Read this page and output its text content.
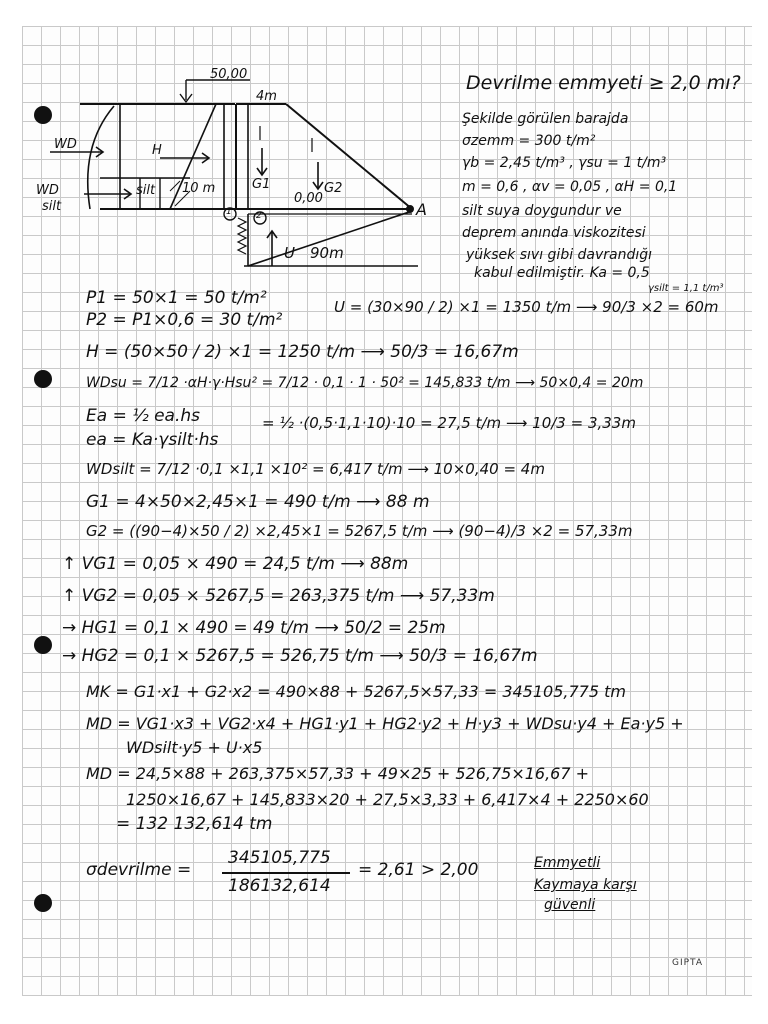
50,00
4m
WD	H
WD
silt
silt 10 m	G1	G2
0,00
A
1	2
U 90m
Devrilme emmyeti ≥ 2,0 mı?
Şekilde görülen barajda
σzemm = 300 t/m²
γb = 2,45 t/m³ , γsu = 1 t/m³
m = 0,6 , αv = 0,05 , αH = 0,1
silt suya doygundur ve
deprem anında viskozitesi
yüksek sıvı gibi davrandığı
kabul edilmiştir. Ka = 0,5
γsilt = 1,1 t/m³
P1 = 50×1 = 50 t/m²
P2 = P1×0,6 = 30 t/m²
U = (30×90 / 2) ×1 = 1350 t/m ⟶ 90/3 ×2 = 60m
H = (50×50 / 2) ×1 = 1250 t/m ⟶ 50/3 = 16,67m
WDsu = 7/12 ·αH·γ·Hsu² = 7/12 · 0,1 · 1 · 50² = 145,833 t/m ⟶ 50×0,4 = 20m
Ea = ½ ea.hs
ea = Ka·γsilt·hs
= ½ ·(0,5·1,1·10)·10 = 27,5 t/m ⟶ 10/3 = 3,33m
WDsilt = 7/12 ·0,1 ×1,1 ×10² = 6,417 t/m ⟶ 10×0,40 = 4m
G1 = 4×50×2,45×1 = 490 t/m ⟶ 88 m
G2 = ((90−4)×50 / 2) ×2,45×1 = 5267,5 t/m ⟶ (90−4)/3 ×2 = 57,33m
↑ VG1 = 0,05 × 490 = 24,5 t/m ⟶ 88m
↑ VG2 = 0,05 × 5267,5 = 263,375 t/m ⟶ 57,33m
→ HG1 = 0,1 × 490 = 49 t/m ⟶ 50/2 = 25m
→ HG2 = 0,1 × 5267,5 = 526,75 t/m ⟶ 50/3 = 16,67m
MK = G1·x1 + G2·x2 = 490×88 + 5267,5×57,33 = 345105,775 tm
MD = VG1·x3 + VG2·x4 + HG1·y1 + HG2·y2 + H·y3 + WDsu·y4 + Ea·y5 +
WDsilt·y5 + U·x5
MD = 24,5×88 + 263,375×57,33 + 49×25 + 526,75×16,67 +
1250×16,67 + 145,833×20 + 27,5×3,33 + 6,417×4 + 2250×60
= 132 132,614 tm
σdevrilme =
345105,775
186132,614
= 2,61 > 2,00	Emmyetli
Kaymaya karşı
güvenli
GIPTA
